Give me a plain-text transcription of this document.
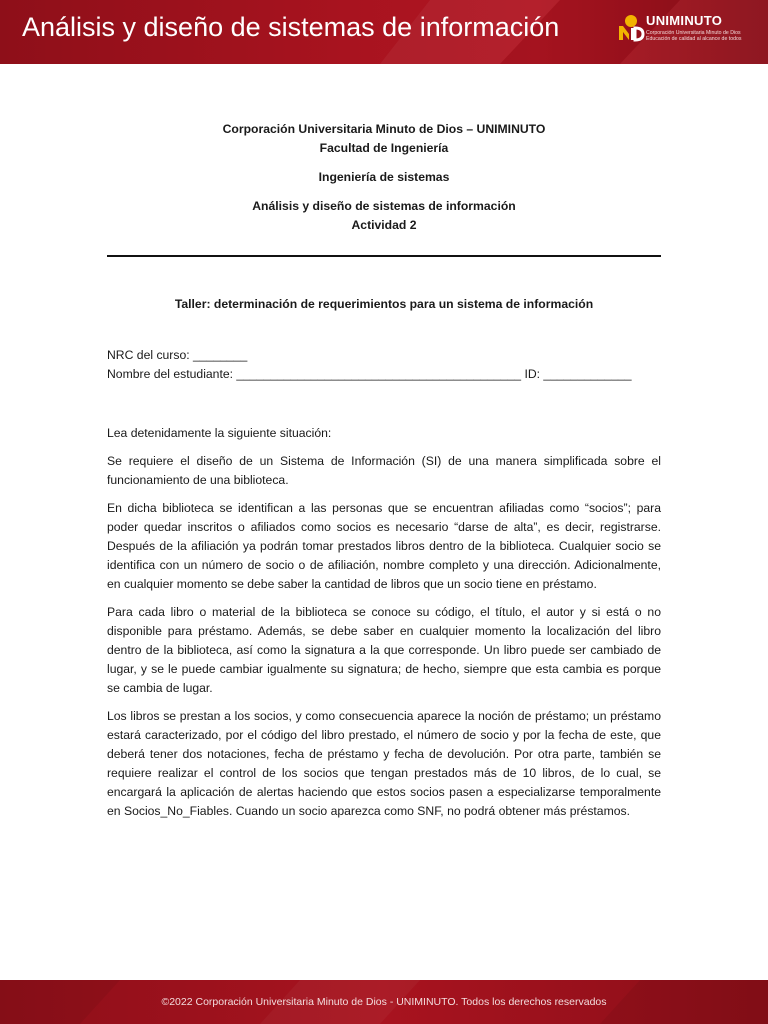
Análisis y diseño de sistemas de información	UNIMINUTO
Corporación Universitaria Minuto de Dios
Educación de calidad al alcance de todos

Corporación Universitaria Minuto de Dios – UNIMINUTO

Facultad de Ingeniería

Ingeniería de sistemas

Análisis y diseño de sistemas de información

Actividad 2

Taller: determinación de requerimientos para un sistema de información

NRC del curso: ________

Nombre del estudiante: __________________________________________ ID: _____________

Lea detenidamente la siguiente situación:

Se requiere el diseño de un Sistema de Información (SI) de una manera simplificada sobre el funcionamiento de una biblioteca.

En dicha biblioteca se identifican a las personas que se encuentran afiliadas como “socios”; para poder quedar inscritos o afiliados como socios es necesario “darse de alta”, es decir, registrarse. Después de la afiliación ya podrán tomar prestados libros dentro de la biblioteca. Cualquier socio se identifica con un número de socio o de afiliación, nombre completo y una dirección. Adicionalmente, en cualquier momento se debe saber la cantidad de libros que un socio tiene en préstamo.

Para cada libro o material de la biblioteca se conoce su código, el título, el autor y si está o no disponible para préstamo. Además, se debe saber en cualquier momento la localización del libro dentro de la biblioteca, así como la signatura a la que corresponde. Un libro puede ser cambiado de lugar, y se le puede cambiar igualmente su signatura; de hecho, siempre que esta cambia es porque se cambia de lugar.

Los libros se prestan a los socios, y como consecuencia aparece la noción de préstamo; un préstamo estará caracterizado, por el código del libro prestado, el número de socio y por la fecha de este, que deberá tener dos notaciones, fecha de préstamo y fecha de devolución. Por otra parte, también se requiere realizar el control de los socios que tengan prestados más de 10 libros, de lo cual, se encargará la aplicación de alertas haciendo que estos socios pasen a especializarse temporalmente en Socios_No_Fiables. Cuando un socio aparezca como SNF, no podrá obtener más préstamos.

©2022 Corporación Universitaria Minuto de Dios - UNIMINUTO. Todos los derechos reservados
